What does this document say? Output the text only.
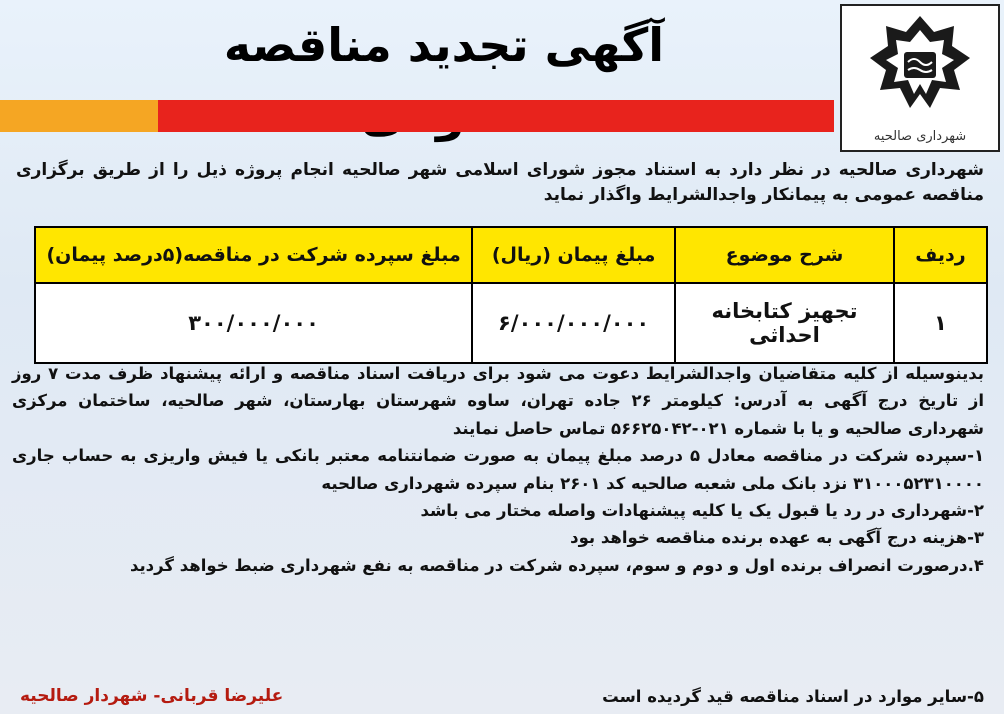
آگهی تجدید مناقصه
شهرداری صالحیه
شهرداری صالحیه در نظر دارد به استناد مجوز شورای اسلامی شهر صالحیه انجام پروژه ذیل را از طریق برگزاری مناقصه عمومی به پیمانکار واجدالشرایط واگذار نماید
ردیف	شرح موضوع	مبلغ پیمان (ریال)	مبلغ سپرده شرکت در مناقصه(۵درصد پیمان)
۱	تجهیز کتابخانه احداثی	۶/۰۰۰/۰۰۰/۰۰۰	۳۰۰/۰۰۰/۰۰۰

بدینوسیله از کلیه متقاضیان واجدالشرایط دعوت می شود برای دریافت اسناد مناقصه و ارائه پیشنهاد ظرف مدت ۷ روز از تاریخ درج آگهی به آدرس: کیلومتر ۲۶ جاده تهران، ساوه شهرستان بهارستان، شهر صالحیه، ساختمان مرکزی شهرداری صالحیه و یا با شماره ۰۲۱-۵۶۶۲۵۰۴۲ تماس حاصل نمایند

۱-سپرده شرکت در مناقصه معادل ۵ درصد مبلغ پیمان به صورت ضمانتنامه معتبر بانکی یا فیش واریزی به حساب جاری ۳۱۰۰۰۵۲۳۱۰۰۰۰ نزد بانک ملی شعبه صالحیه کد ۲۶۰۱ بنام سپرده شهرداری صالحیه

۲-شهرداری در رد یا قبول یک یا کلیه پیشنهادات واصله مختار می باشد

۳-هزینه درج آگهی به عهده برنده مناقصه خواهد بود

۴.درصورت انصراف برنده اول و دوم و سوم، سپرده شرکت در مناقصه به نفع شهرداری ضبط خواهد گردید

۵-سایر موارد در اسناد مناقصه قید گردیده است
علیرضا قربانی- شهردار صالحیه
